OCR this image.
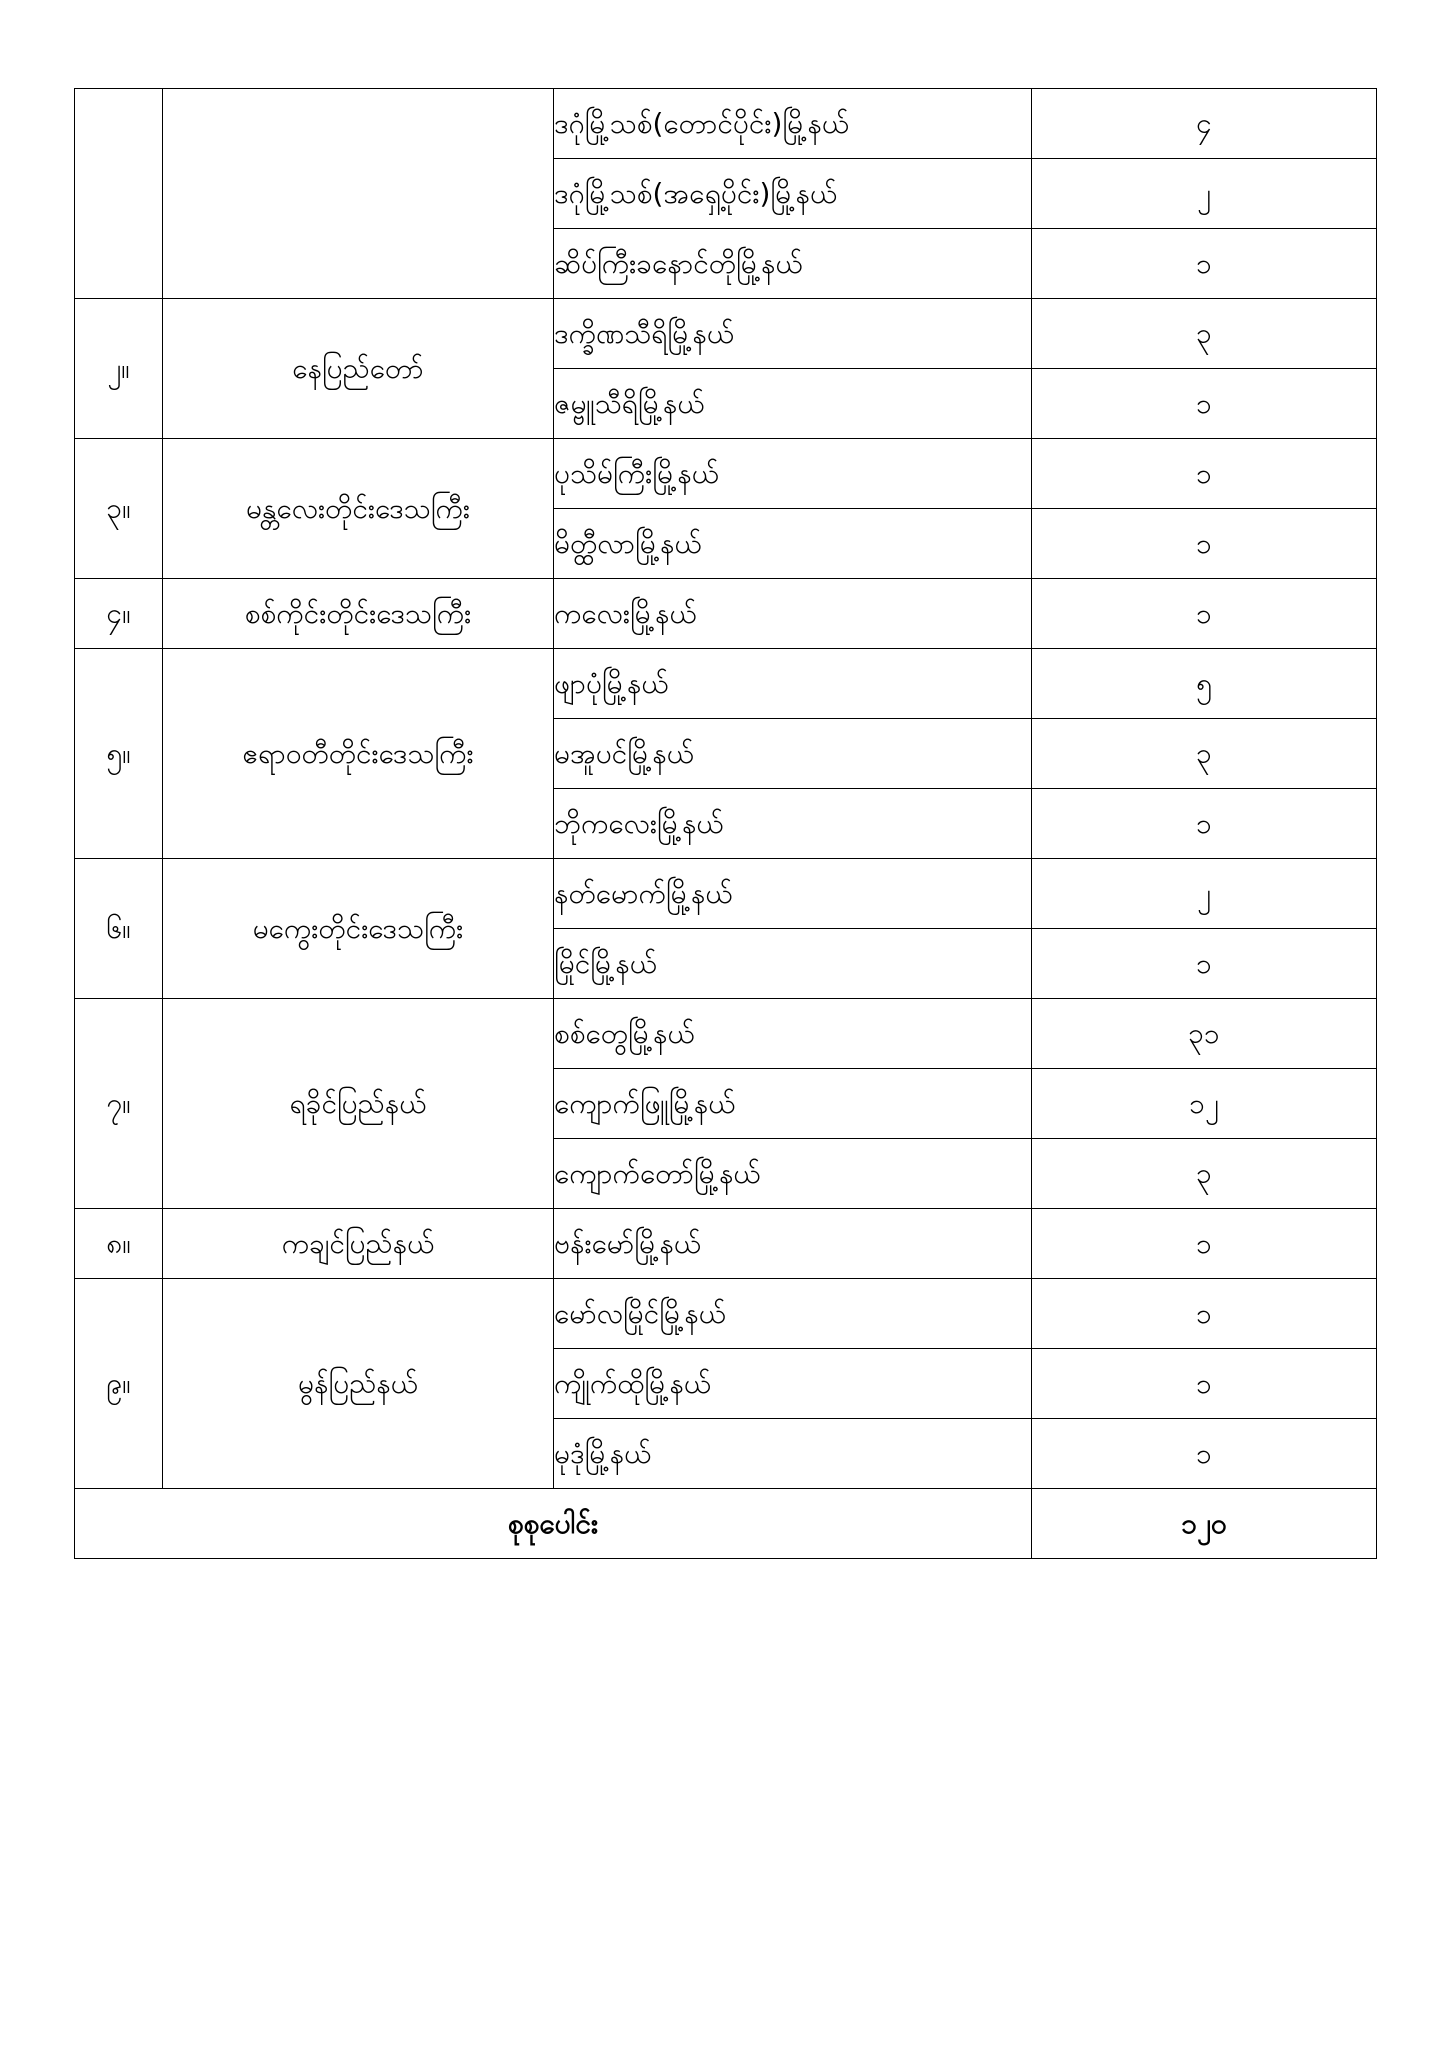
		ဒဂုံမြို့သစ်(တောင်ပိုင်း)မြို့နယ်	၄
		ဒဂုံမြို့သစ်(အရှေ့ပိုင်း)မြို့နယ်	၂
		ဆိပ်ကြီးခနောင်တိုမြို့နယ်	၁
၂။	နေပြည်တော်	ဒက္ခိဏသီရိမြို့နယ်	၃
		ဇမ္ဗူသီရိမြို့နယ်	၁
၃။	မန္တလေးတိုင်းဒေသကြီး	ပုသိမ်ကြီးမြို့နယ်	၁
		မိတ္ထီလာမြို့နယ်	၁
၄။	စစ်ကိုင်းတိုင်းဒေသကြီး	ကလေးမြို့နယ်	၁
၅။	ဧရာဝတီတိုင်းဒေသကြီး	ဖျာပုံမြို့နယ်	၅
		မအူပင်မြို့နယ်	၃
		ဘိုကလေးမြို့နယ်	၁
၆။	မကွေးတိုင်းဒေသကြီး	နတ်မောက်မြို့နယ်	၂
		မြိုင်မြို့နယ်	၁
၇။	ရခိုင်ပြည်နယ်	စစ်တွေမြို့နယ်	၃၁
		ကျောက်ဖြူမြို့နယ်	၁၂
		ကျောက်တော်မြို့နယ်	၃
၈။	ကချင်ပြည်နယ်	ဗန်းမော်မြို့နယ်	၁
၉။	မွန်ပြည်နယ်	မော်လမြိုင်မြို့နယ်	၁
		ကျိုက်ထိုမြို့နယ်	၁
		မုဒုံမြို့နယ်	၁
စုစုပေါင်း			၁၂၀
